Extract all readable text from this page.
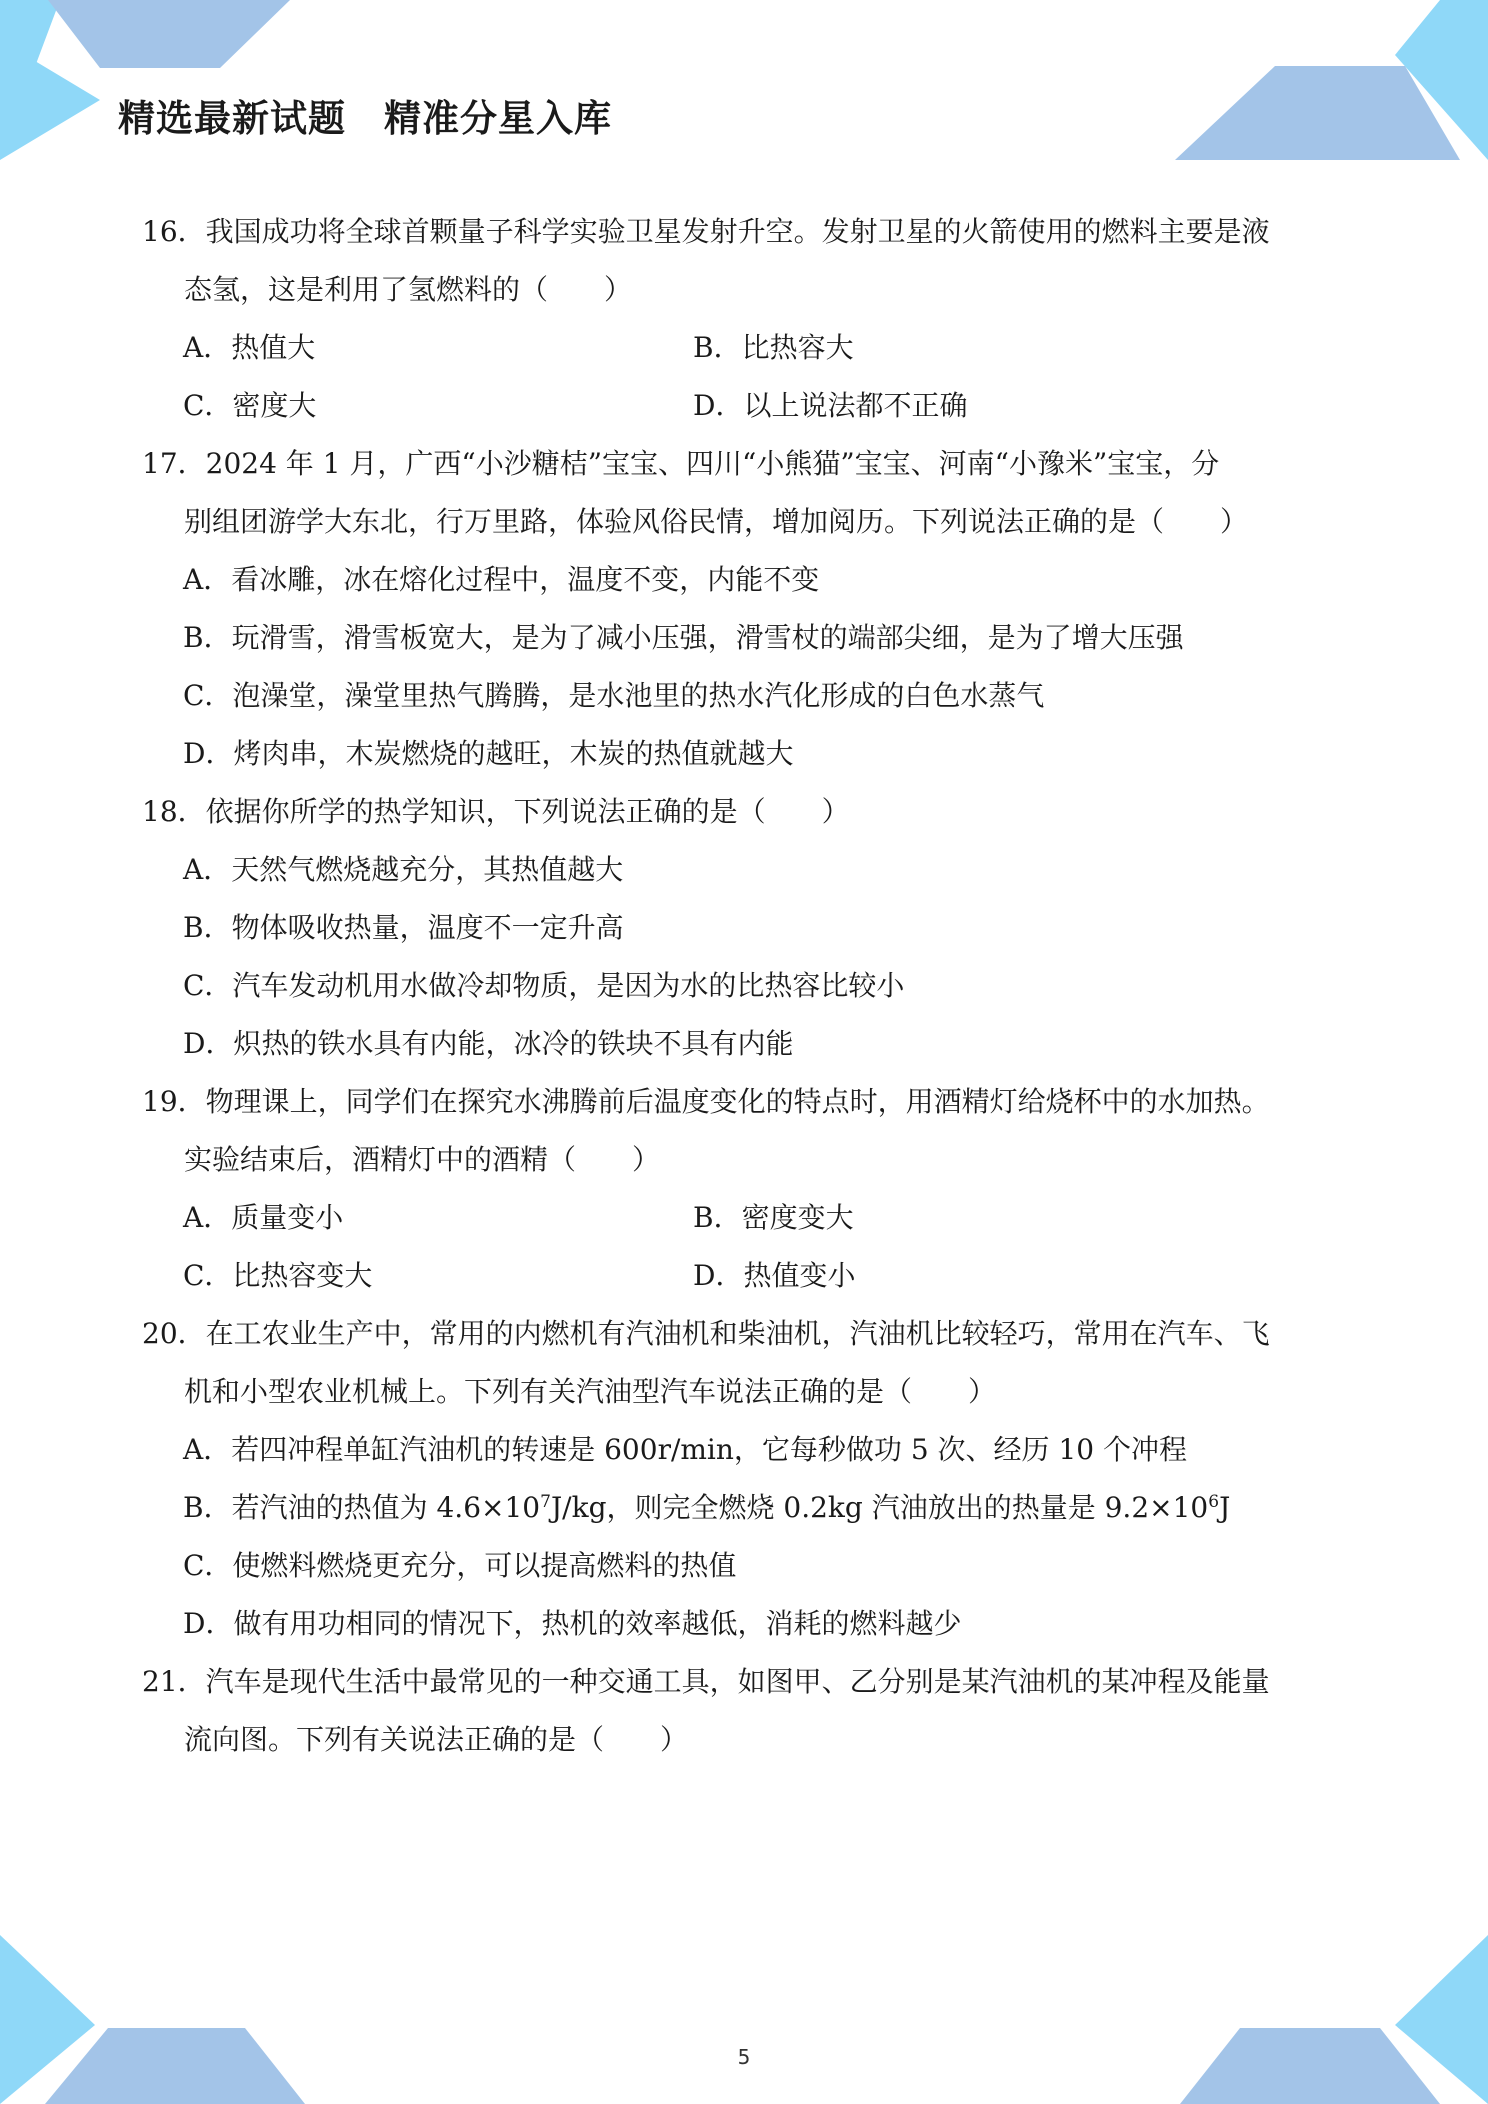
精选最新试题　精准分星入库
16．我国成功将全球首颗量子科学实验卫星发射升空。发射卫星的火箭使用的燃料主要是液
态氢，这是利用了氢燃料的（　　）
A．热值大	B．比热容大
C．密度大	D．以上说法都不正确
17．2024 年 1 月，广西“小沙糖桔”宝宝、四川“小熊猫”宝宝、河南“小豫米”宝宝，分
别组团游学大东北，行万里路，体验风俗民情，增加阅历。下列说法正确的是（　　）
A．看冰雕，冰在熔化过程中，温度不变，内能不变
B．玩滑雪，滑雪板宽大，是为了减小压强，滑雪杖的端部尖细，是为了增大压强
C．泡澡堂，澡堂里热气腾腾，是水池里的热水汽化形成的白色水蒸气
D．烤肉串，木炭燃烧的越旺，木炭的热值就越大
18．依据你所学的热学知识，下列说法正确的是（　　）
A．天然气燃烧越充分，其热值越大
B．物体吸收热量，温度不一定升高
C．汽车发动机用水做冷却物质，是因为水的比热容比较小
D．炽热的铁水具有内能，冰冷的铁块不具有内能
19．物理课上，同学们在探究水沸腾前后温度变化的特点时，用酒精灯给烧杯中的水加热。
实验结束后，酒精灯中的酒精（　　）
A．质量变小	B．密度变大
C．比热容变大	D．热值变小
20．在工农业生产中，常用的内燃机有汽油机和柴油机，汽油机比较轻巧，常用在汽车、飞
机和小型农业机械上。下列有关汽油型汽车说法正确的是（　　）
A．若四冲程单缸汽油机的转速是 600r/min，它每秒做功 5 次、经历 10 个冲程
B．若汽油的热值为 $4.6\times 10^7J/kg$，则完全燃烧 0.2kg 汽油放出的热量是 $9.2\times 10^6J$
C．使燃料燃烧更充分，可以提高燃料的热值
D．做有用功相同的情况下，热机的效率越低，消耗的燃料越少
21．汽车是现代生活中最常见的一种交通工具，如图甲、乙分别是某汽油机的某冲程及能量
流向图。下列有关说法正确的是（　　）
5
